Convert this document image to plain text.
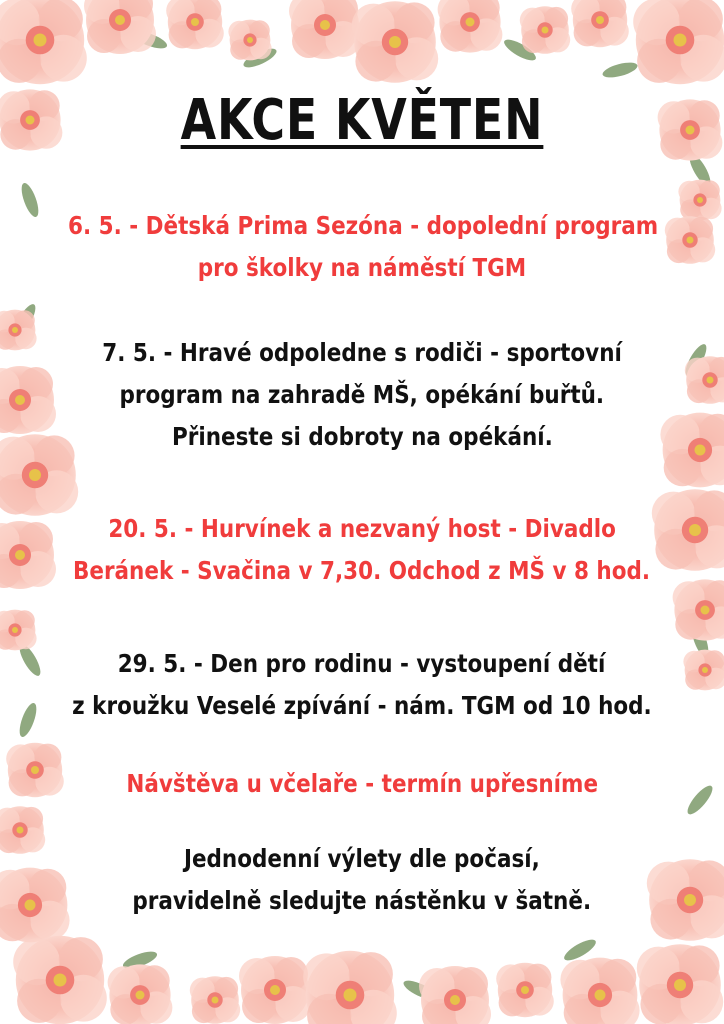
AKCE KVĚTEN
6. 5. - Dětská Prima Sezóna - dopolední program
pro školky na náměstí TGM
7. 5. - Hravé odpoledne s rodiči - sportovní
program na zahradě MŠ, opékání buřtů.
Přineste si dobroty na opékání.
20. 5. - Hurvínek a nezvaný host - Divadlo
Beránek - Svačina v 7,30. Odchod z MŠ v 8 hod.
29. 5. - Den pro rodinu - vystoupení dětí
z kroužku Veselé zpívání - nám. TGM od 10 hod.
Návštěva u včelaře - termín upřesníme
Jednodenní výlety dle počasí,
pravidelně sledujte nástěnku v šatně.
